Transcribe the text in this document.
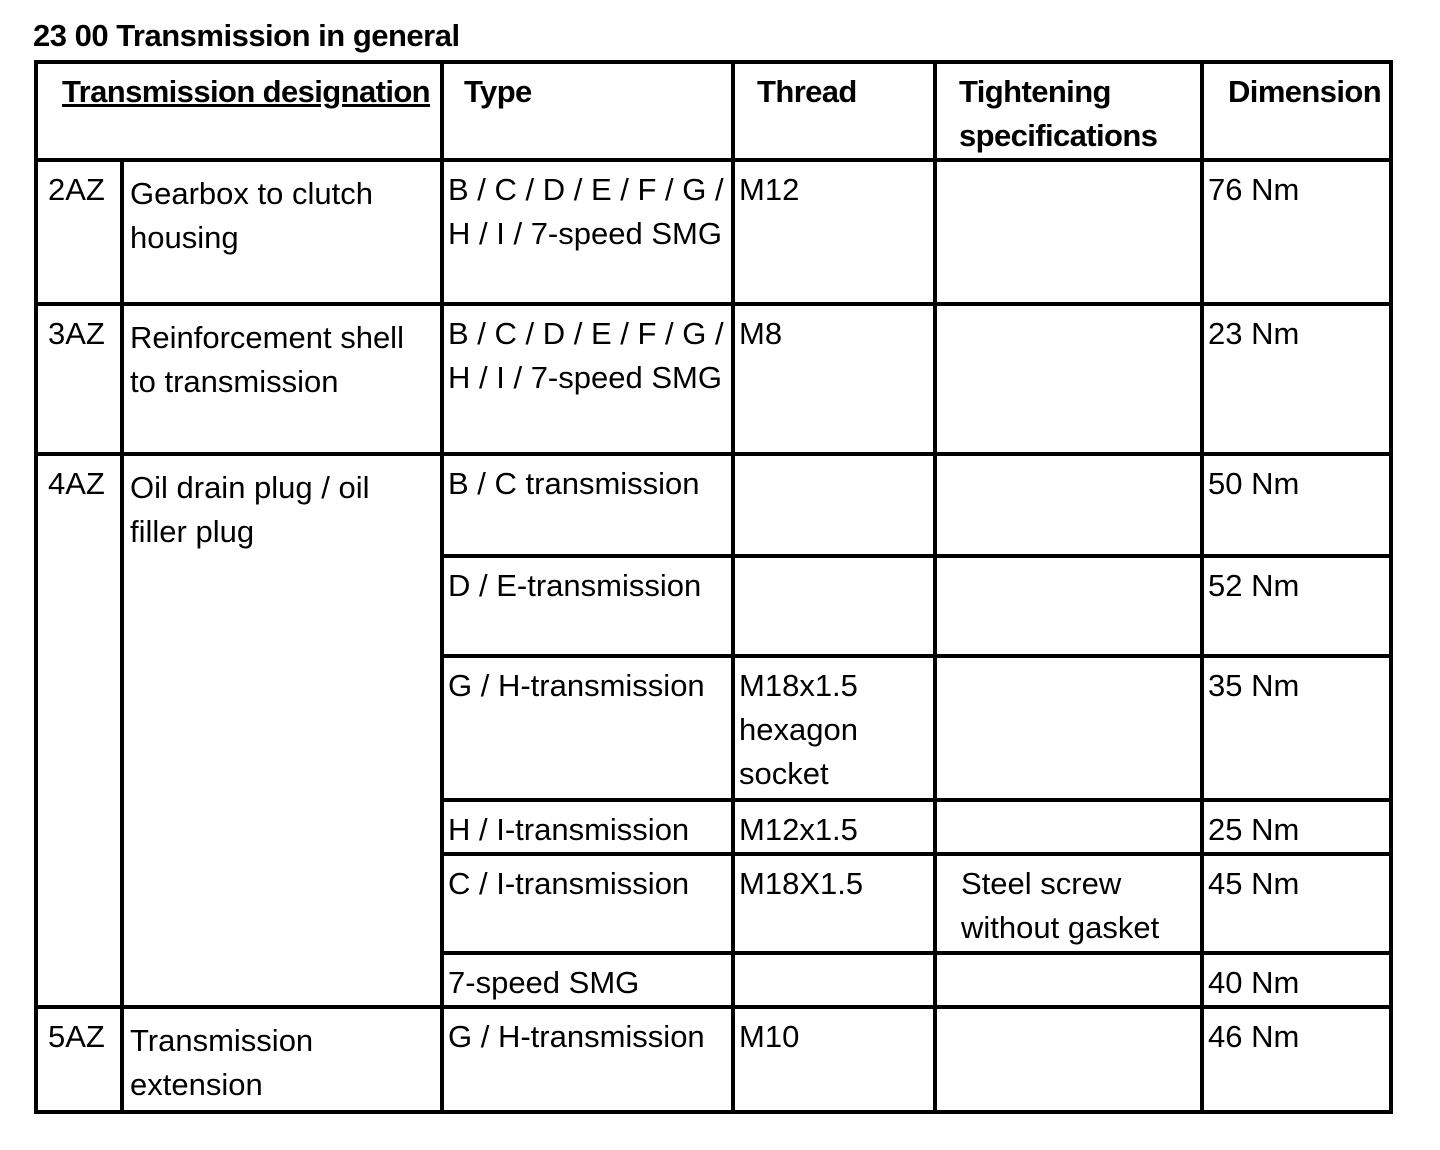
23 00 Transmission in general
Transmission designation		Type	Thread	Tightening specifications	Dimension

2AZ	Gearbox to clutch housing	B / C / D / E / F / G / H / I / 7-speed SMG	M12		76 Nm

3AZ	Reinforcement shell to transmission	B / C / D / E / F / G / H / I / 7-speed SMG	M8		23 Nm

4AZ	Oil drain plug / oil filler plug	B / C transmission			50 Nm

		D / E-transmission			52 Nm

		G / H-transmission	M18x1.5 hexagon socket		35 Nm

		H / I-transmission	M12x1.5		25 Nm

		C / I-transmission	M18X1.5	Steel screw without gasket	45 Nm

		7-speed SMG			40 Nm

5AZ	Transmission extension	G / H-transmission	M10		46 Nm
